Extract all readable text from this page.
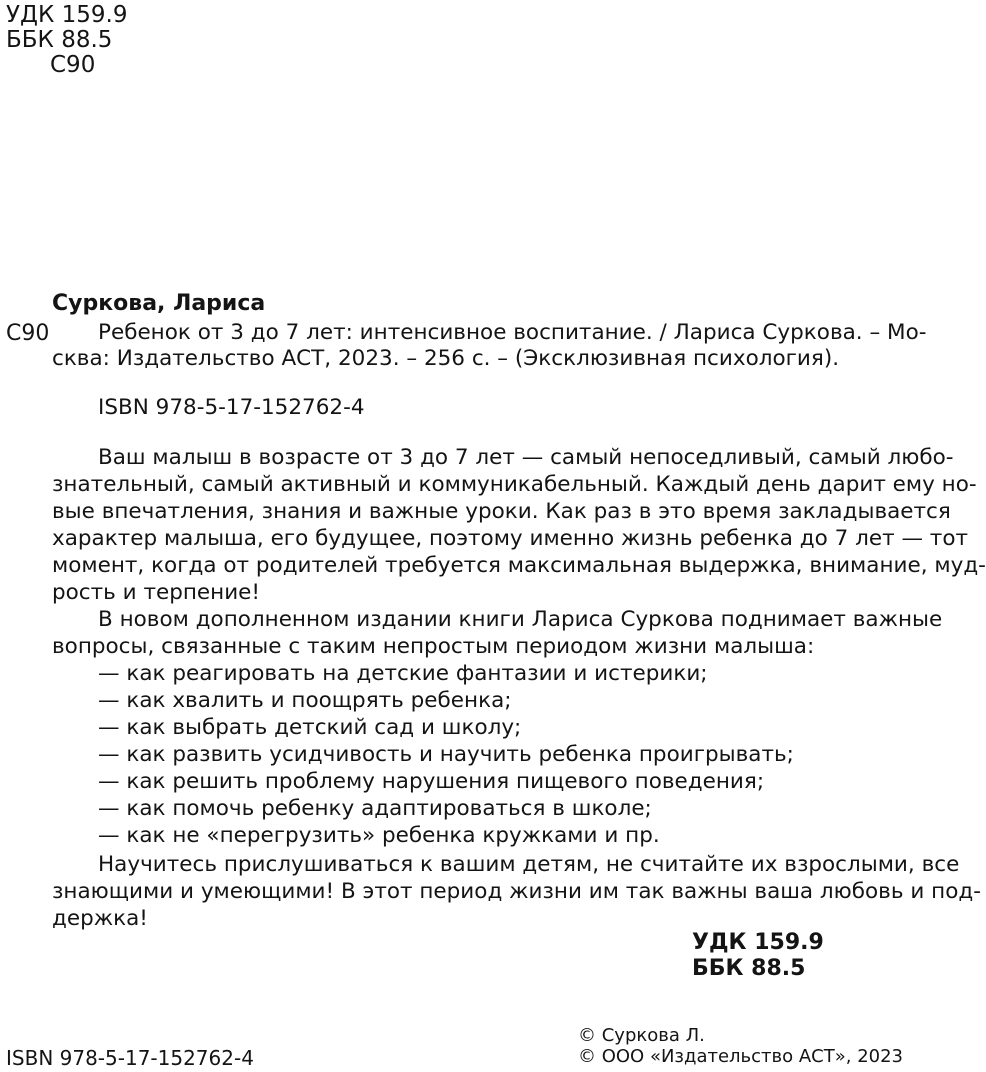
УДК 159.9
ББК 88.5
С90
Суркова, Лариса
С90 Ребенок от 3 до 7 лет: интенсивное воспитание. / Лариса Суркова. – Мо-
сква: Издательство АСТ, 2023. – 256 с. – (Эксклюзивная психология).
ISBN 978-5-17-152762-4
Ваш малыш в возрасте от 3 до 7 лет — самый непоседливый, самый любо-
знательный, самый активный и коммуникабельный. Каждый день дарит ему но-
вые впечатления, знания и важные уроки. Как раз в это время закладывается
характер малыша, его будущее, поэтому именно жизнь ребенка до 7 лет — тот
момент, когда от родителей требуется максимальная выдержка, внимание, муд-
рость и терпение!
В новом дополненном издании книги Лариса Суркова поднимает важные
вопросы, связанные с таким непростым периодом жизни малыша:
— как реагировать на детские фантазии и истерики;
— как хвалить и поощрять ребенка;
— как выбрать детский сад и школу;
— как развить усидчивость и научить ребенка проигрывать;
— как решить проблему нарушения пищевого поведения;
— как помочь ребенку адаптироваться в школе;
— как не «перегрузить» ребенка кружками и пр.
Научитесь прислушиваться к вашим детям, не считайте их взрослыми, все
знающими и умеющими! В этот период жизни им так важны ваша любовь и под-
держка!
УДК 159.9
ББК 88.5
ISBN 978-5-17-152762-4
© Суркова Л.
© ООО «Издательство АСТ», 2023
